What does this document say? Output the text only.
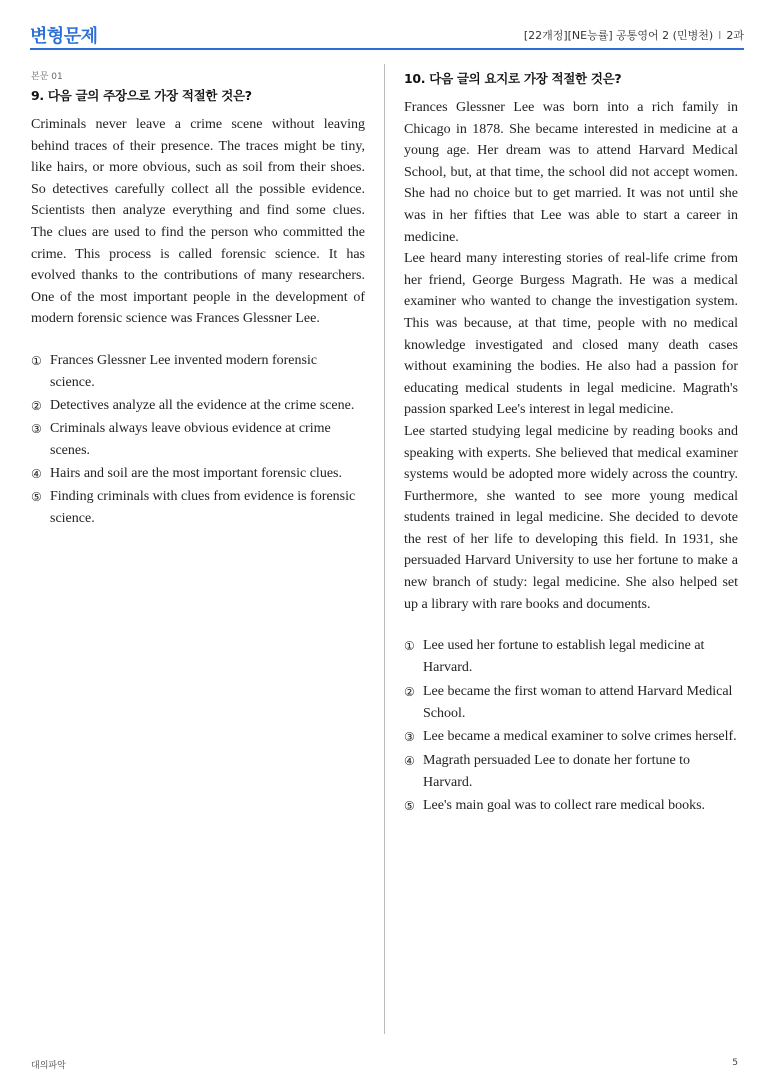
변형문제	[22개정][NE능률] 공통영어 2 (민병천) I 2과
본문 01
9. 다음 글의 주장으로 가장 적절한 것은?

Criminals never leave a crime scene without leaving behind traces of their presence. The traces might be tiny, like hairs, or more obvious, such as soil from their shoes. So detectives carefully collect all the possible evidence. Scientists then analyze everything and find some clues. The clues are used to find the person who committed the crime. This process is called forensic science. It has evolved thanks to the contributions of many researchers. One of the most important people in the development of modern forensic science was Frances Glessner Lee.

① Frances Glessner Lee invented modern forensic science.
② Detectives analyze all the evidence at the crime scene.
③ Criminals always leave obvious evidence at crime scenes.
④ Hairs and soil are the most important forensic clues.
⑤ Finding criminals with clues from evidence is forensic science.
10. 다음 글의 요지로 가장 적절한 것은?

Frances Glessner Lee was born into a rich family in Chicago in 1878. She became interested in medicine at a young age. Her dream was to attend Harvard Medical School, but, at that time, the school did not accept women. She had no choice but to get married. It was not until she was in her fifties that Lee was able to start a career in medicine.

Lee heard many interesting stories of real-life crime from her friend, George Burgess Magrath. He was a medical examiner who wanted to change the investigation system. This was because, at that time, people with no medical knowledge investigated and closed many death cases without examining the bodies. He also had a passion for educating medical students in legal medicine. Magrath's passion sparked Lee's interest in legal medicine.

Lee started studying legal medicine by reading books and speaking with experts. She believed that medical examiner systems would be adopted more widely across the country. Furthermore, she wanted to see more young medical students trained in legal medicine. She decided to devote the rest of her life to developing this field. In 1931, she persuaded Harvard University to use her fortune to make a new branch of study: legal medicine. She also helped set up a library with rare books and documents.

① Lee used her fortune to establish legal medicine at Harvard.
② Lee became the first woman to attend Harvard Medical School.
③ Lee became a medical examiner to solve crimes herself.
④ Magrath persuaded Lee to donate her fortune to Harvard.
⑤ Lee's main goal was to collect rare medical books.
대의파악	5
